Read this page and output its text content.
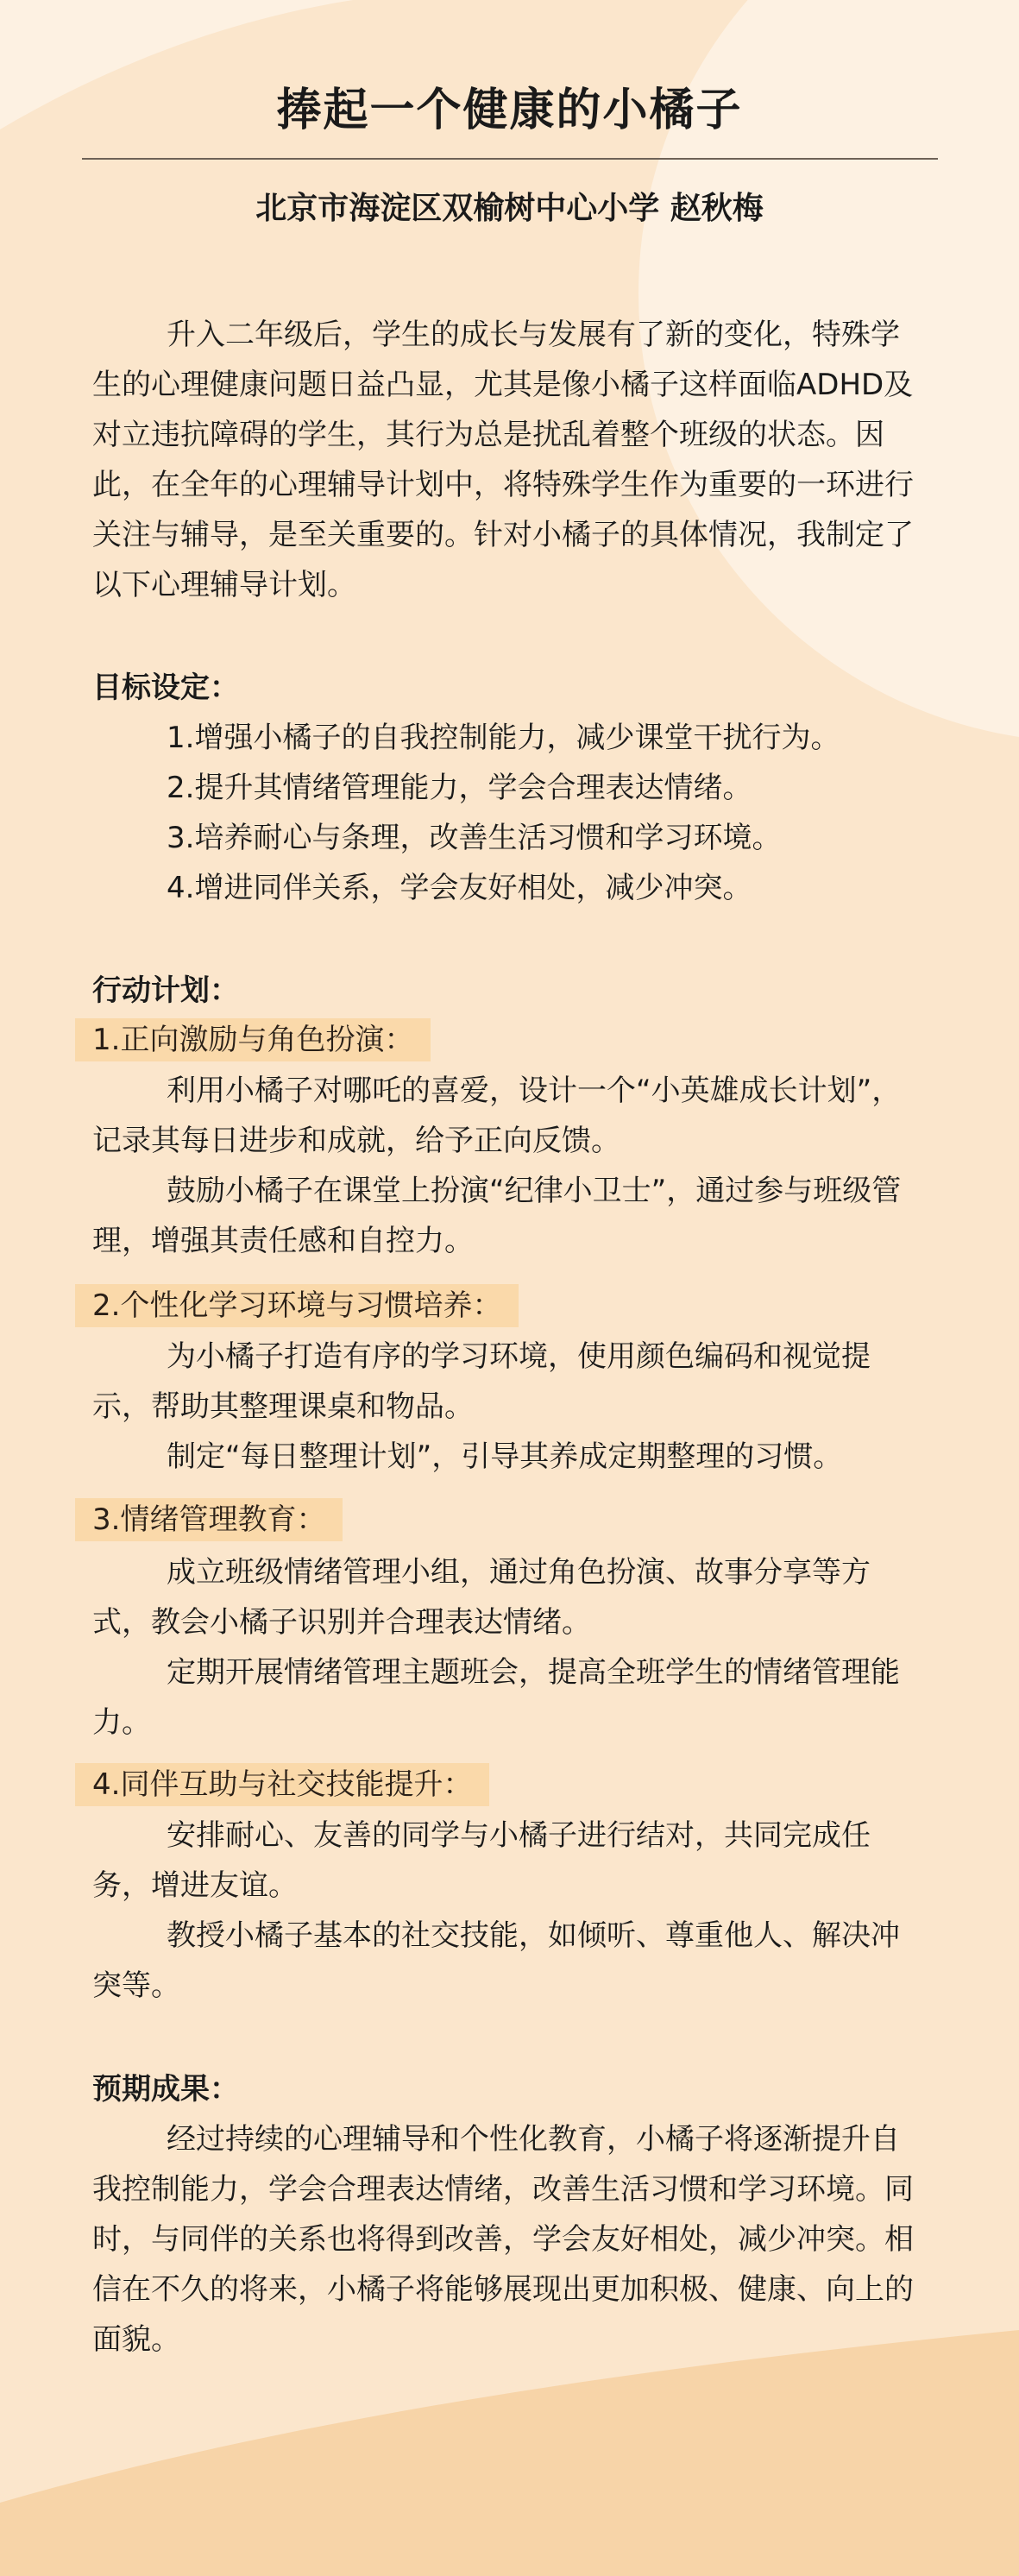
捧起一个健康的小橘子
北京市海淀区双榆树中心小学 赵秋梅

升入二年级后，学生的成长与发展有了新的变化，特殊学生的心理健康问题日益凸显，尤其是像小橘子这样面临ADHD及对立违抗障碍的学生，其行为总是扰乱着整个班级的状态。因此，在全年的心理辅导计划中，将特殊学生作为重要的一环进行关注与辅导，是至关重要的。针对小橘子的具体情况，我制定了以下心理辅导计划。

目标设定：

1.增强小橘子的自我控制能力，减少课堂干扰行为。

2.提升其情绪管理能力，学会合理表达情绪。

3.培养耐心与条理，改善生活习惯和学习环境。

4.增进同伴关系，学会友好相处，减少冲突。

行动计划：

1.正向激励与角色扮演：

利用小橘子对哪吒的喜爱，设计一个“小英雄成长计划”，记录其每日进步和成就，给予正向反馈。

鼓励小橘子在课堂上扮演“纪律小卫士”，通过参与班级管理，增强其责任感和自控力。

2.个性化学习环境与习惯培养：

为小橘子打造有序的学习环境，使用颜色编码和视觉提示，帮助其整理课桌和物品。

制定“每日整理计划”，引导其养成定期整理的习惯。

3.情绪管理教育：

成立班级情绪管理小组，通过角色扮演、故事分享等方式，教会小橘子识别并合理表达情绪。

定期开展情绪管理主题班会，提高全班学生的情绪管理能力。

4.同伴互助与社交技能提升：

安排耐心、友善的同学与小橘子进行结对，共同完成任务，增进友谊。

教授小橘子基本的社交技能，如倾听、尊重他人、解决冲突等。

预期成果：

经过持续的心理辅导和个性化教育，小橘子将逐渐提升自我控制能力，学会合理表达情绪，改善生活习惯和学习环境。同时，与同伴的关系也将得到改善，学会友好相处，减少冲突。相信在不久的将来，小橘子将能够展现出更加积极、健康、向上的面貌。
